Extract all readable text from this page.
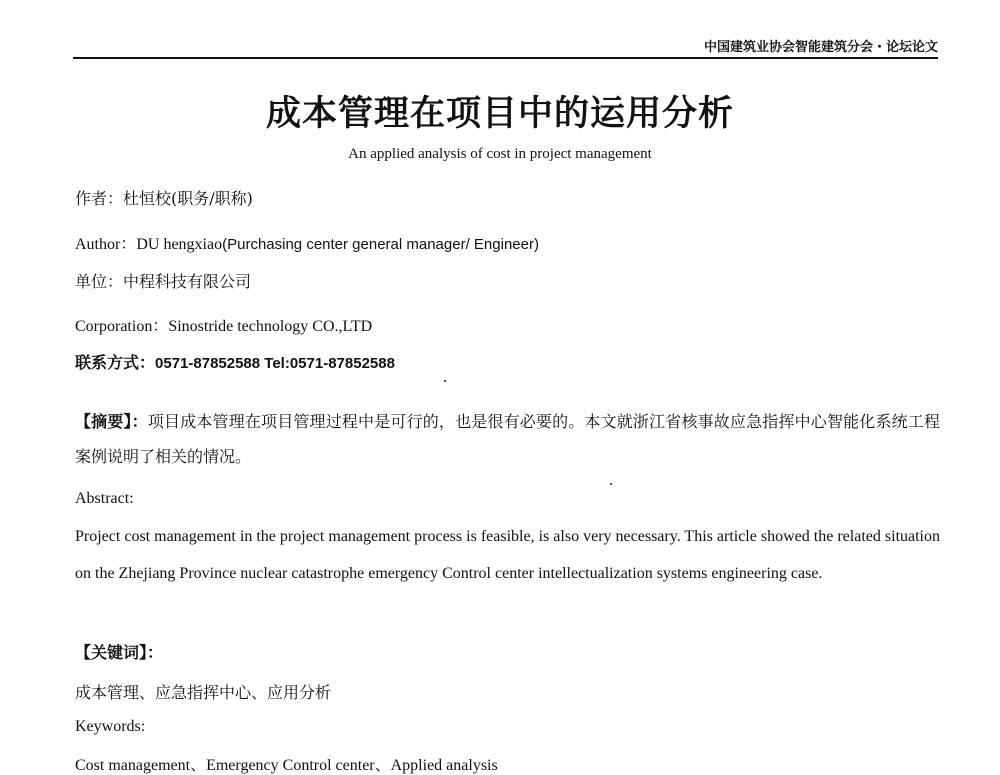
中国建筑业协会智能建筑分会・论坛论文
成本管理在项目中的运用分析
An applied analysis of cost in project management
作者：杜恒校(职务/职称)
Author：DU hengxiao(Purchasing center general manager/ Engineer)
单位：中程科技有限公司
Corporation：Sinostride technology CO.,LTD
联系方式：0571-87852588 Tel:0571-87852588
【摘要】：项目成本管理在项目管理过程中是可行的，也是很有必要的。本文就浙江省核事故应急指挥中心智能化系统工程案例说明了相关的情况。
Abstract:
Project cost management in the project management process is feasible, is also very necessary. This article showed the related situation on the Zhejiang Province nuclear catastrophe emergency Control center intellectualization systems engineering case.
【关键词】：
成本管理、应急指挥中心、应用分析
Keywords:
Cost management、Emergency Control center、Applied analysis
